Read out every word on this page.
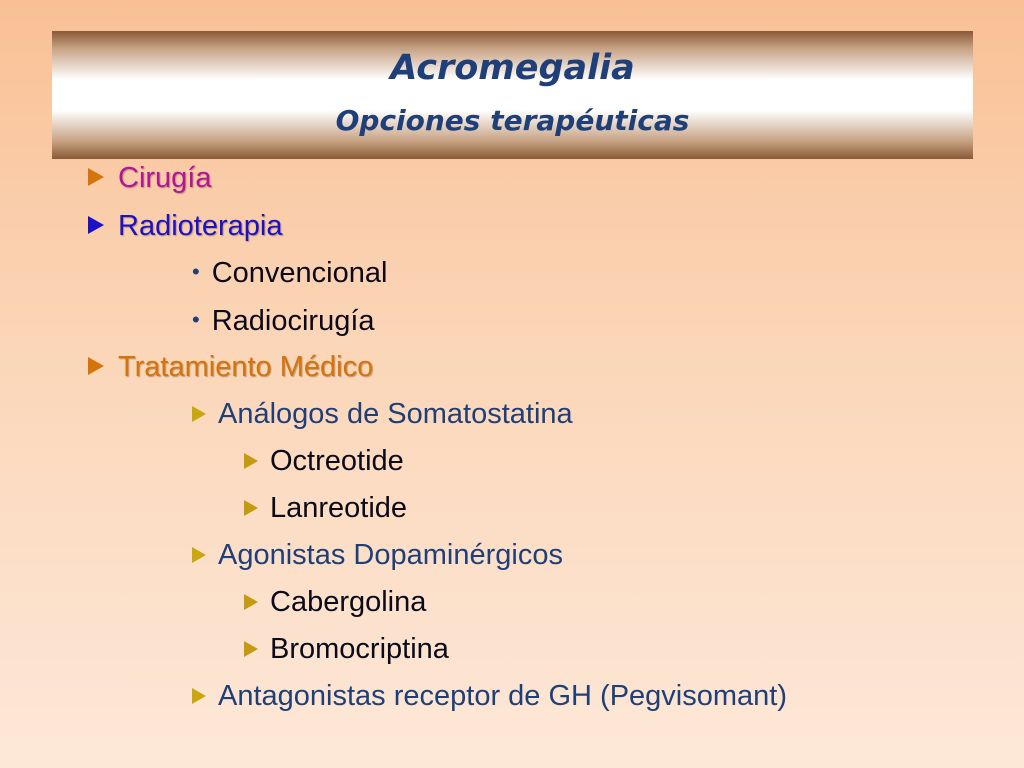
Acromegalia
Opciones terapéuticas
Cirugía
Radioterapia
• Convencional
• Radiocirugía
Tratamiento Médico
Análogos de Somatostatina
Octreotide
Lanreotide
Agonistas Dopaminérgicos
Cabergolina
Bromocriptina
Antagonistas receptor de GH (Pegvisomant)
